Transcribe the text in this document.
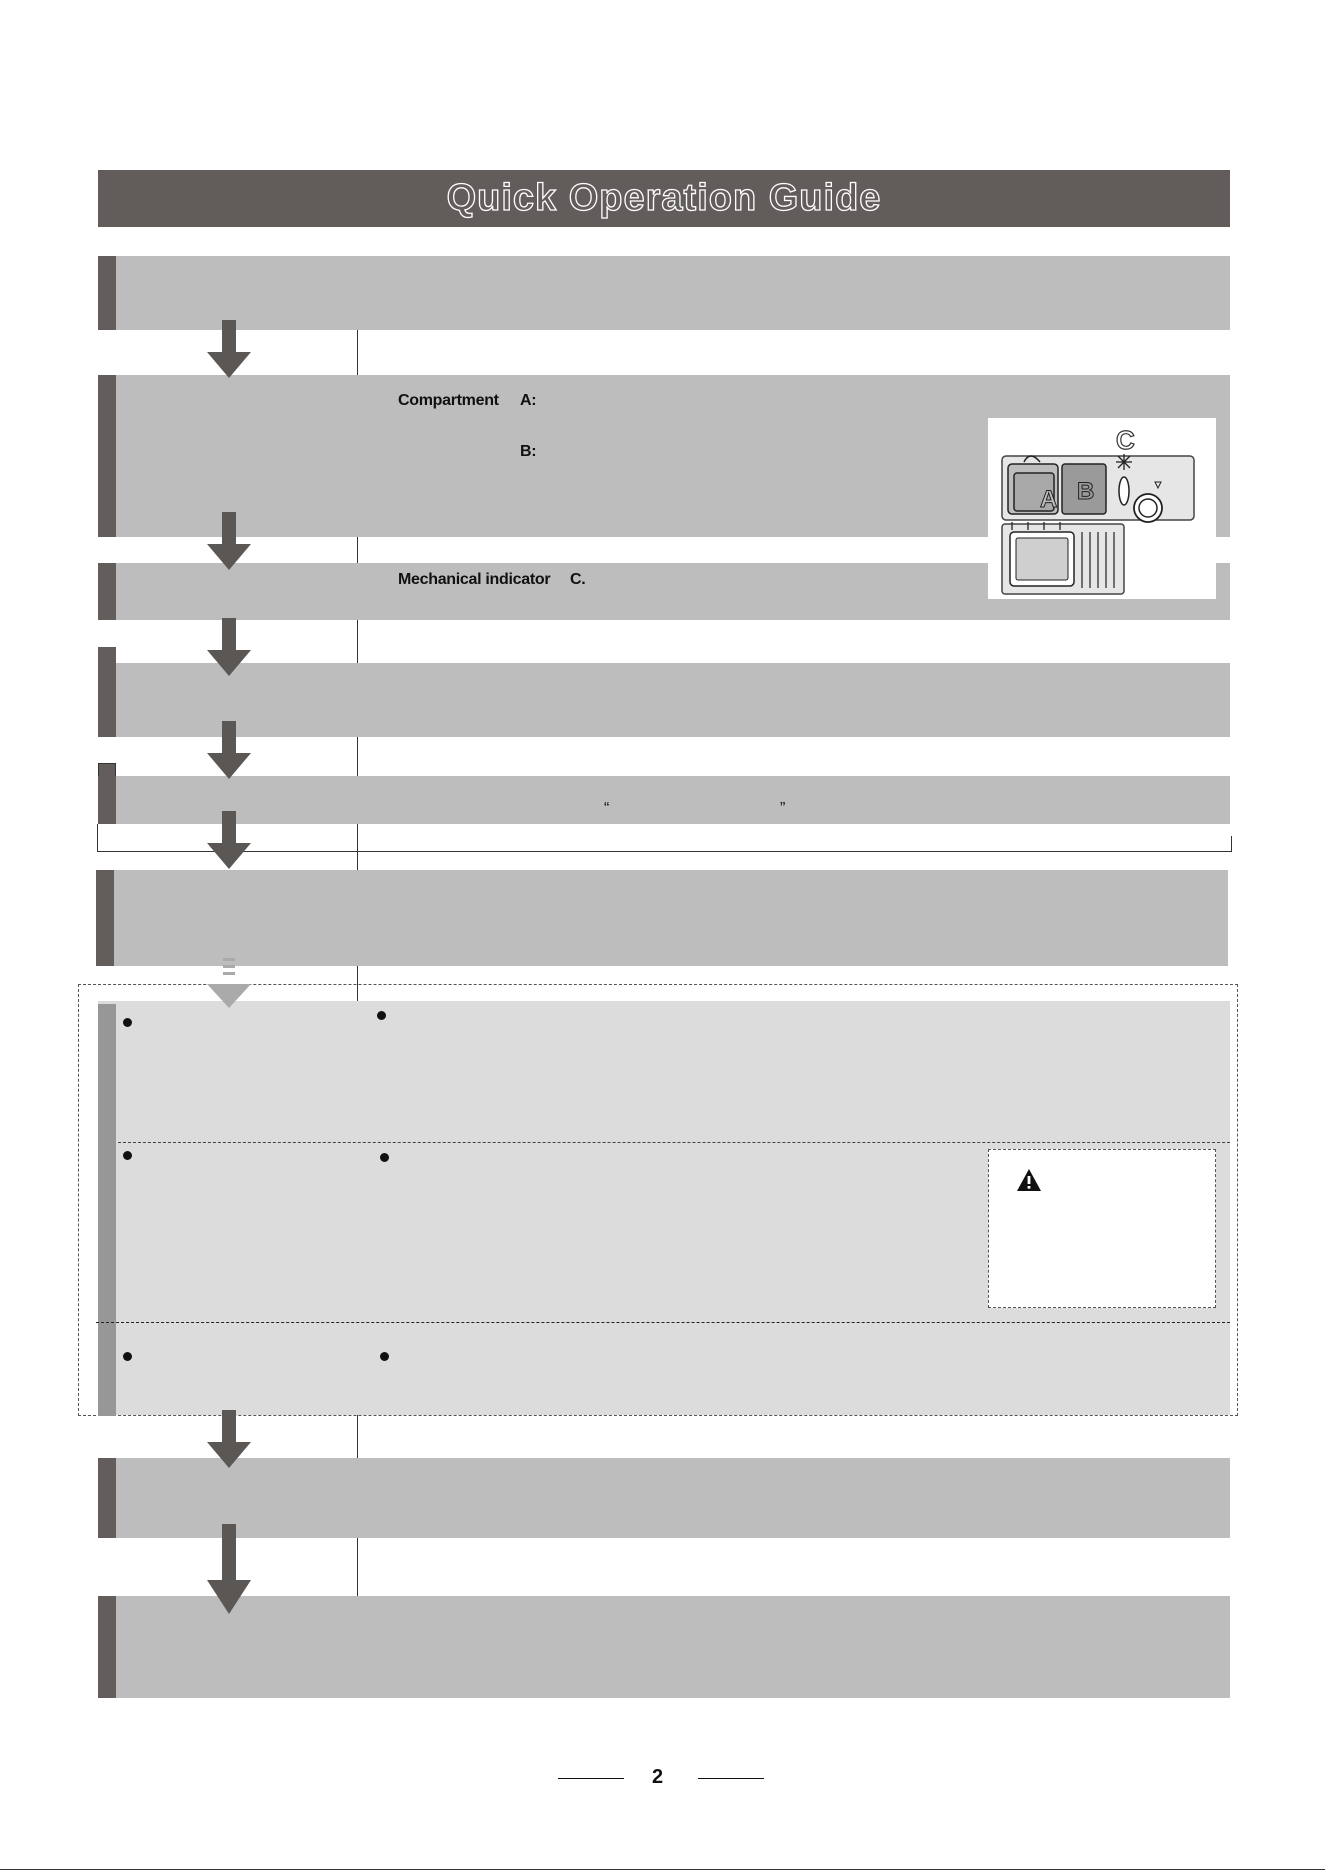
Quick Operation Guide
Compartment A:
B:
Mechanical indicator C.
“	”
A B
C
2
